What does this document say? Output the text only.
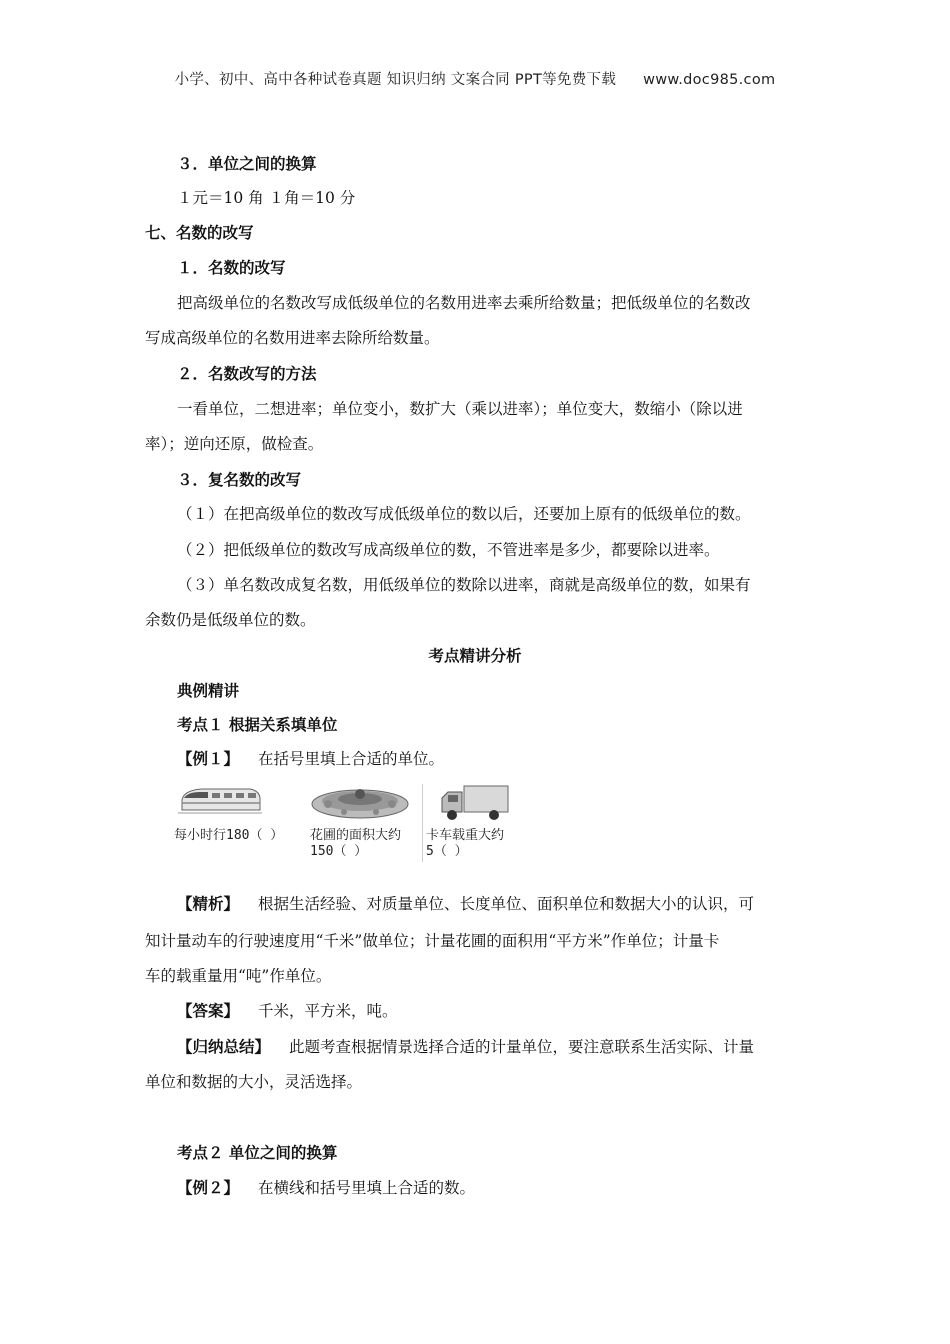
小学、初中、高中各种试卷真题 知识归纳 文案合同 PPT等免费下载 www.doc985.com
３．单位之间的换算
１元＝10 角 １角＝10 分
七、名数的改写
１．名数的改写
把高级单位的名数改写成低级单位的名数用进率去乘所给数量；把低级单位的名数改
写成高级单位的名数用进率去除所给数量。
２．名数改写的方法
一看单位，二想进率；单位变小，数扩大（乘以进率）；单位变大，数缩小（除以进
率）；逆向还原，做检查。
３．复名数的改写
（１）在把高级单位的数改写成低级单位的数以后，还要加上原有的低级单位的数。
（２）把低级单位的数改写成高级单位的数，不管进率是多少，都要除以进率。
（３）单名数改成复名数，用低级单位的数除以进率，商就是高级单位的数，如果有
余数仍是低级单位的数。
考点精讲分析
典例精讲
考点１ 根据关系填单位
【例１】 在括号里填上合适的单位。
每小时行180（ ） 花圃的面积大约
150（ ）
卡车载重大约
5（ ）
【精析】 根据生活经验、对质量单位、长度单位、面积单位和数据大小的认识，可
知计量动车的行驶速度用“千米”做单位；计量花圃的面积用“平方米”作单位；计量卡
车的载重量用“吨”作单位。
【答案】 千米，平方米，吨。
【归纳总结】 此题考查根据情景选择合适的计量单位，要注意联系生活实际、计量
单位和数据的大小，灵活选择。
考点２ 单位之间的换算
【例２】 在横线和括号里填上合适的数。
